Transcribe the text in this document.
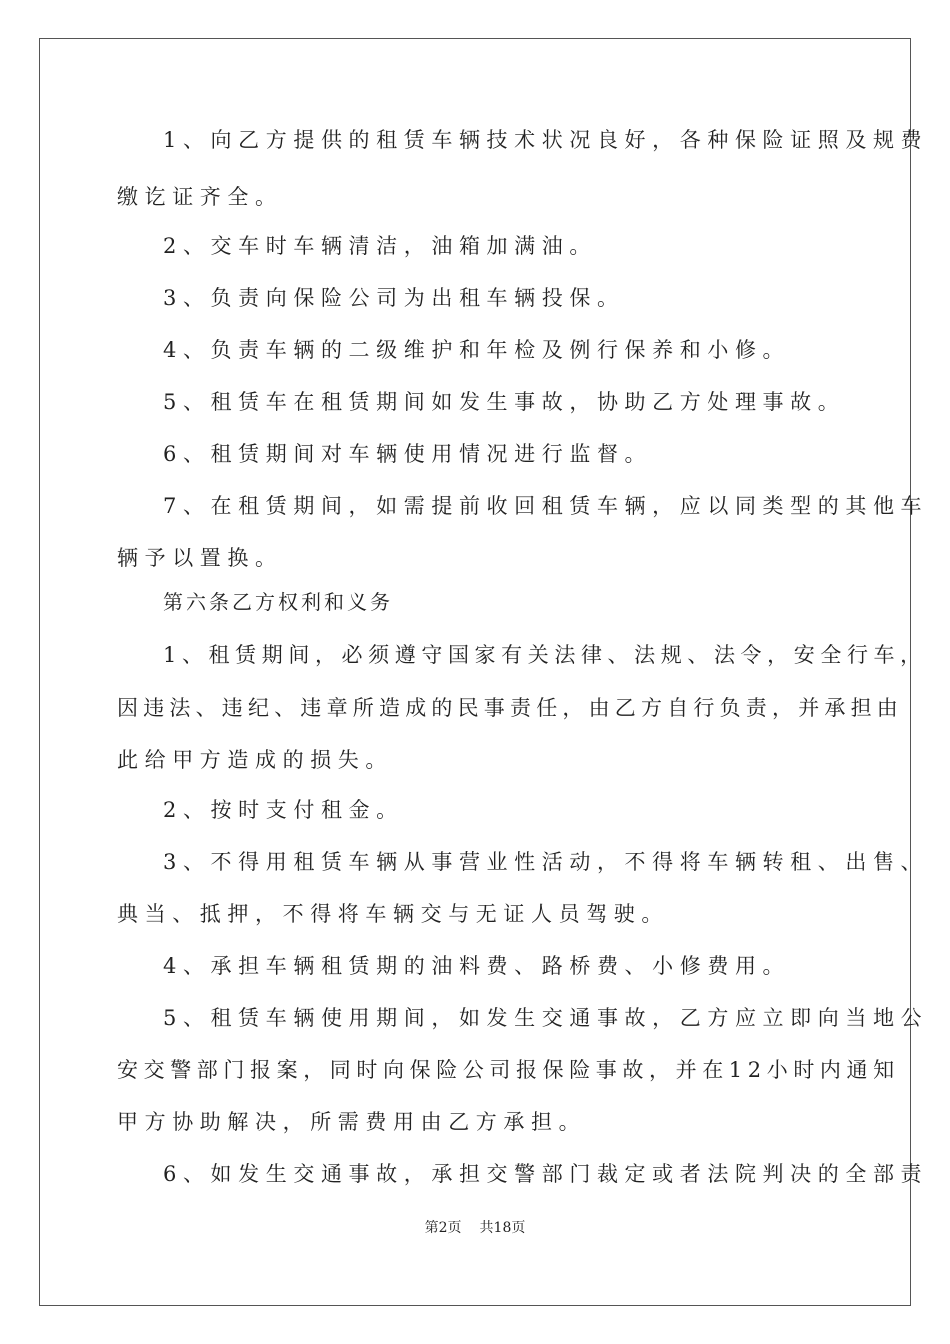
1、向乙方提供的租赁车辆技术状况良好，各种保险证照及规费
缴讫证齐全。
2、交车时车辆清洁，油箱加满油。
3、负责向保险公司为出租车辆投保。
4、负责车辆的二级维护和年检及例行保养和小修。
5、租赁车在租赁期间如发生事故，协助乙方处理事故。
6、租赁期间对车辆使用情况进行监督。
7、在租赁期间，如需提前收回租赁车辆，应以同类型的其他车
辆予以置换。
第六条乙方权利和义务
1、租赁期间，必须遵守国家有关法律、法规、法令，安全行车，
因违法、违纪、违章所造成的民事责任，由乙方自行负责，并承担由
此给甲方造成的损失。
2、按时支付租金。
3、不得用租赁车辆从事营业性活动，不得将车辆转租、出售、
典当、抵押，不得将车辆交与无证人员驾驶。
4、承担车辆租赁期的油料费、路桥费、小修费用。
5、租赁车辆使用期间，如发生交通事故，乙方应立即向当地公
安交警部门报案，同时向保险公司报保险事故，并在12小时内通知
甲方协助解决，所需费用由乙方承担。
6、如发生交通事故，承担交警部门裁定或者法院判决的全部责
第2页 共18页
